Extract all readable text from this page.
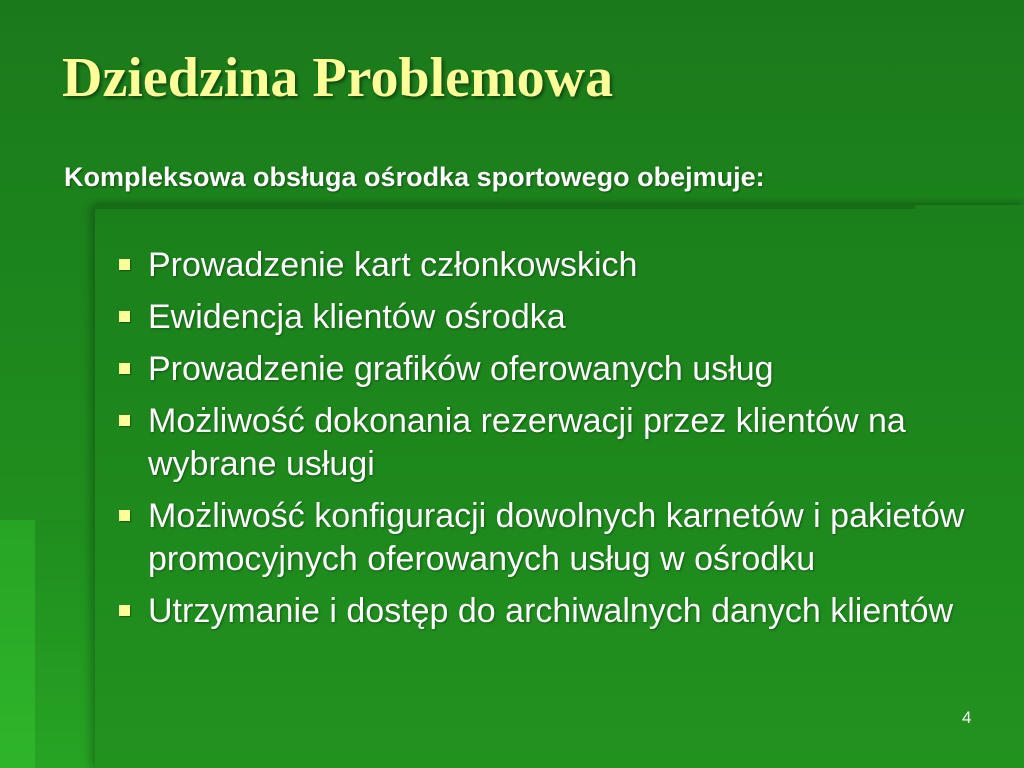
Dziedzina Problemowa

Kompleksowa obsługa ośrodka sportowego obejmuje:

Prowadzenie kart członkowskich
Ewidencja klientów ośrodka
Prowadzenie grafików oferowanych usług
Możliwość dokonania rezerwacji przez klientów na wybrane usługi
Możliwość konfiguracji dowolnych karnetów i pakietów promocyjnych oferowanych usług w ośrodku
Utrzymanie i dostęp do archiwalnych danych klientów
4
